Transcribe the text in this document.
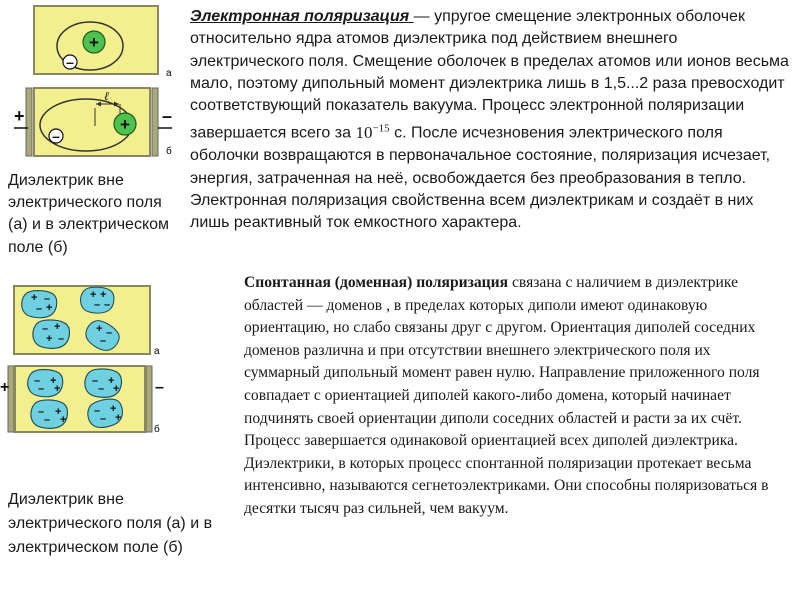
+
–
а
+	–
ℓ
+
–
б
Диэлектрик вне электрического поля (а) и в электрическом поле (б)
+ –
– +
+ +
– –
– +
+ –
+ –
–
а
+	–
– +
– +
– +
– +
– +
– +
– +
– +
б
Диэлектрик вне электрического поля (а) и в электрическом поле (б)
Электронная поляризация — упругое смещение электронных оболочек относительно ядра атомов диэлектрика под действием внешнего электрического поля. Смещение оболочек в пределах атомов или ионов весьма мало, поэтому дипольный момент диэлектрика лишь в 1,5...2 раза превосходит соответствующий показатель вакуума. Процесс электронной поляризации завершается всего за $10^{-15}$ с. После исчезновения электрического поля оболочки возвращаются в первоначальное состояние, поляризация исчезает, энергия, затраченная на неё, освобождается без преобразования в тепло. Электронная поляризация свойственна всем диэлектрикам и создаёт в них лишь реактивный ток емкостного характера.
Спонтанная (доменная) поляризация связана с наличием в диэлектрике областей — доменов , в пределах которых диполи имеют одинаковую ориентацию, но слабо связаны друг с другом. Ориентация диполей соседних доменов различна и при отсутствии внешнего электрического поля их суммарный дипольный момент равен нулю. Направление приложенного поля совпадает с ориентацией диполей какого-либо домена, который начинает подчинять своей ориентации диполи соседних областей и расти за их счёт. Процесс завершается одинаковой ориентацией всех диполей диэлектрика. Диэлектрики, в которых процесс спонтанной поляризации протекает весьма интенсивно, называются сегнетоэлектриками. Они способны поляризоваться в десятки тысяч раз сильней, чем вакуум.
